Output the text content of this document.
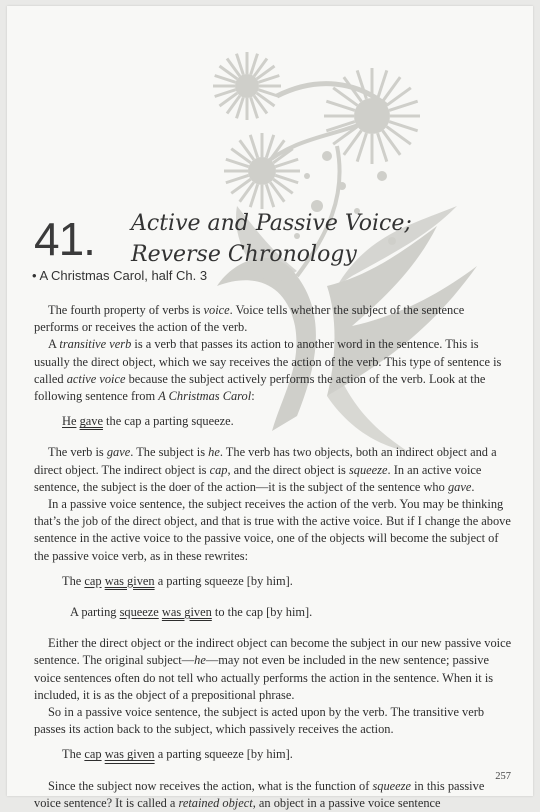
41. Active and Passive Voice;
Reverse Chronology
• A Christmas Carol, half Ch. 3

The fourth property of verbs is voice. Voice tells whether the subject of the sentence performs or receives the action of the verb.

A transitive verb is a verb that passes its action to another word in the sentence. This is usually the direct object, which we say receives the action of the verb. This type of sentence is called active voice because the subject actively performs the action of the verb. Look at the following sentence from A Christmas Carol:

He gave the cap a parting squeeze.

The verb is gave. The subject is he. The verb has two objects, both an indirect object and a direct object. The indirect object is cap, and the direct object is squeeze. In an active voice sentence, the subject is the doer of the action—it is the subject of the sentence who gave.

In a passive voice sentence, the subject receives the action of the verb. You may be thinking that’s the job of the direct object, and that is true with the active voice. But if I change the above sentence in the active voice to the passive voice, one of the objects will become the subject of the passive voice verb, as in these rewrites:

The cap was given a parting squeeze [by him].

A parting squeeze was given to the cap [by him].

Either the direct object or the indirect object can become the subject in our new passive voice sentence. The original subject—he—may not even be included in the new sentence; passive voice sentences often do not tell who actually performs the action in the sentence. When it is included, it is as the object of a prepositional phrase.

So in a passive voice sentence, the subject is acted upon by the verb. The transitive verb passes its action back to the subject, which passively receives the action.

The cap was given a parting squeeze [by him].

Since the subject now receives the action, what is the function of squeeze in this passive voice sentence? It is called a retained object, an object in a passive voice sentence

257
